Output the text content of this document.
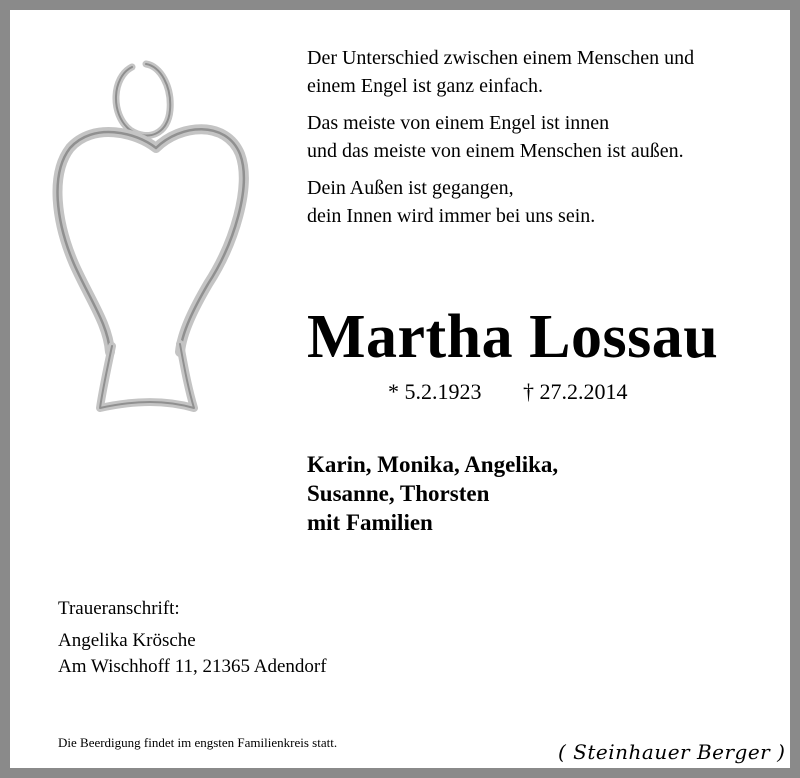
Der Unterschied zwischen einem Menschen und
einem Engel ist ganz einfach.

Das meiste von einem Engel ist innen
und das meiste von einem Menschen ist außen.

Dein Außen ist gegangen,
dein Innen wird immer bei uns sein.

Martha Lossau
* 5.2.1923 † 27.2.2014
Karin, Monika, Angelika,
Susanne, Thorsten
mit Familien
Traueranschrift:
Angelika Krösche
Am Wischhoff 11, 21365 Adendorf
Die Beerdigung findet im engsten Familienkreis statt.	( Steinhauer Berger )
